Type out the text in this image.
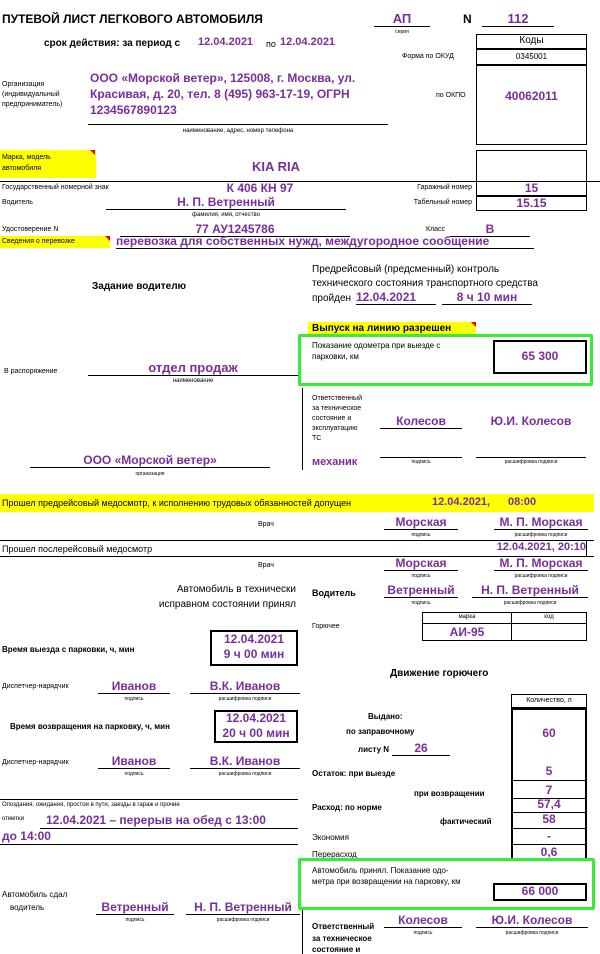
ПУТЕВОЙ ЛИСТ ЛЕГКОВОГО АВТОМОБИЛЯ	АП
серия
N	112
срок действия: за период с 12.04.2021 по 12.04.2021	Коды
Форма по ОКУД	0345001
по ОКПО	40062011
Организация
(индивидуальный
предприниматель)
ООО «Морской ветер», 125008, г. Москва, ул.
Красивая, д. 20, тел. 8 (495) 963-17-19, ОГРН
1234567890123
наименование, адрес, номер телефона
Марка, модель
автомобиля	KIA RIA
Государственный номерной знак	К 406 КН 97	Гаражный номер	15
Водитель	Н. П. Ветренный
фамилия, имя, отчество
Табельный номер	15.15
Удостоверение N	77 АУ1245786	Класс	В
Сведения о перевозке	перевозка для собственных нужд, междугородное сообщение
Задание водителю
Предрейсовый (предсменный) контроль
технического состояния транспортного средства
пройден 12.04.2021	8 ч 10 мин
Выпуск на линию разрешен
Показание одометра при выезде с
парковки, км	65 300
В распоряжение	отдел продаж
наименование
Ответственный
за техническое
состояние и
эксплуатацию
ТС
механик
Колесов
подпись
Ю.И. Колесов
расшифровка подписи
ООО «Морской ветер»
организация
Прошел предрейсовый медосмотр, к исполнению трудовых обязанностей допущен	12.04.2021, 08:00
Врач	Морская
подпись
М. П. Морская
расшифровка подписи
Прошел послерейсовый медосмотр	12.04.2021, 20:10
Врач	Морская
подпись
М. П. Морская
расшифровка подписи
Автомобиль в технически
исправном состоянии принял
Водитель	Ветренный
подпись
Н. П. Ветренный
расшифровка подписи
Горючее
марка	код
АИ-95
Время выезда с парковки, ч, мин
12.04.2021
9 ч 00 мин
Диспетчер-нарядчик	Иванов
подпись
В.К. Иванов
расшифровка подписи
Движение горючего
Количество, л
Выдано:
по заправочному
листу N	26
60
Остаток: при выезде	5
при возвращении	7
Расход: по норме	57,4
фактический	58
Экономия	-
Перерасход	0,6
Время возвращения на парковку, ч, мин
12.04.2021
20 ч 00 мин
Диспетчер-нарядчик	Иванов
подпись
В.К. Иванов
расшифровка подписи
Опоздания, ожидания, простои в пути, заезды в гараж и прочие
отметки 12.04.2021 – перерыв на обед с 13:00
до 14:00
Автомобиль принял. Показание одо-
метра при возвращении на парковку, км
66 000
Автомобиль сдал
водитель	Ветренный
подпись
Н. П. Ветренный
расшифровка подписи
Ответственный
за техническое
состояние и
Колесов
подпись
Ю.И. Колесов
расшифровка подписи
